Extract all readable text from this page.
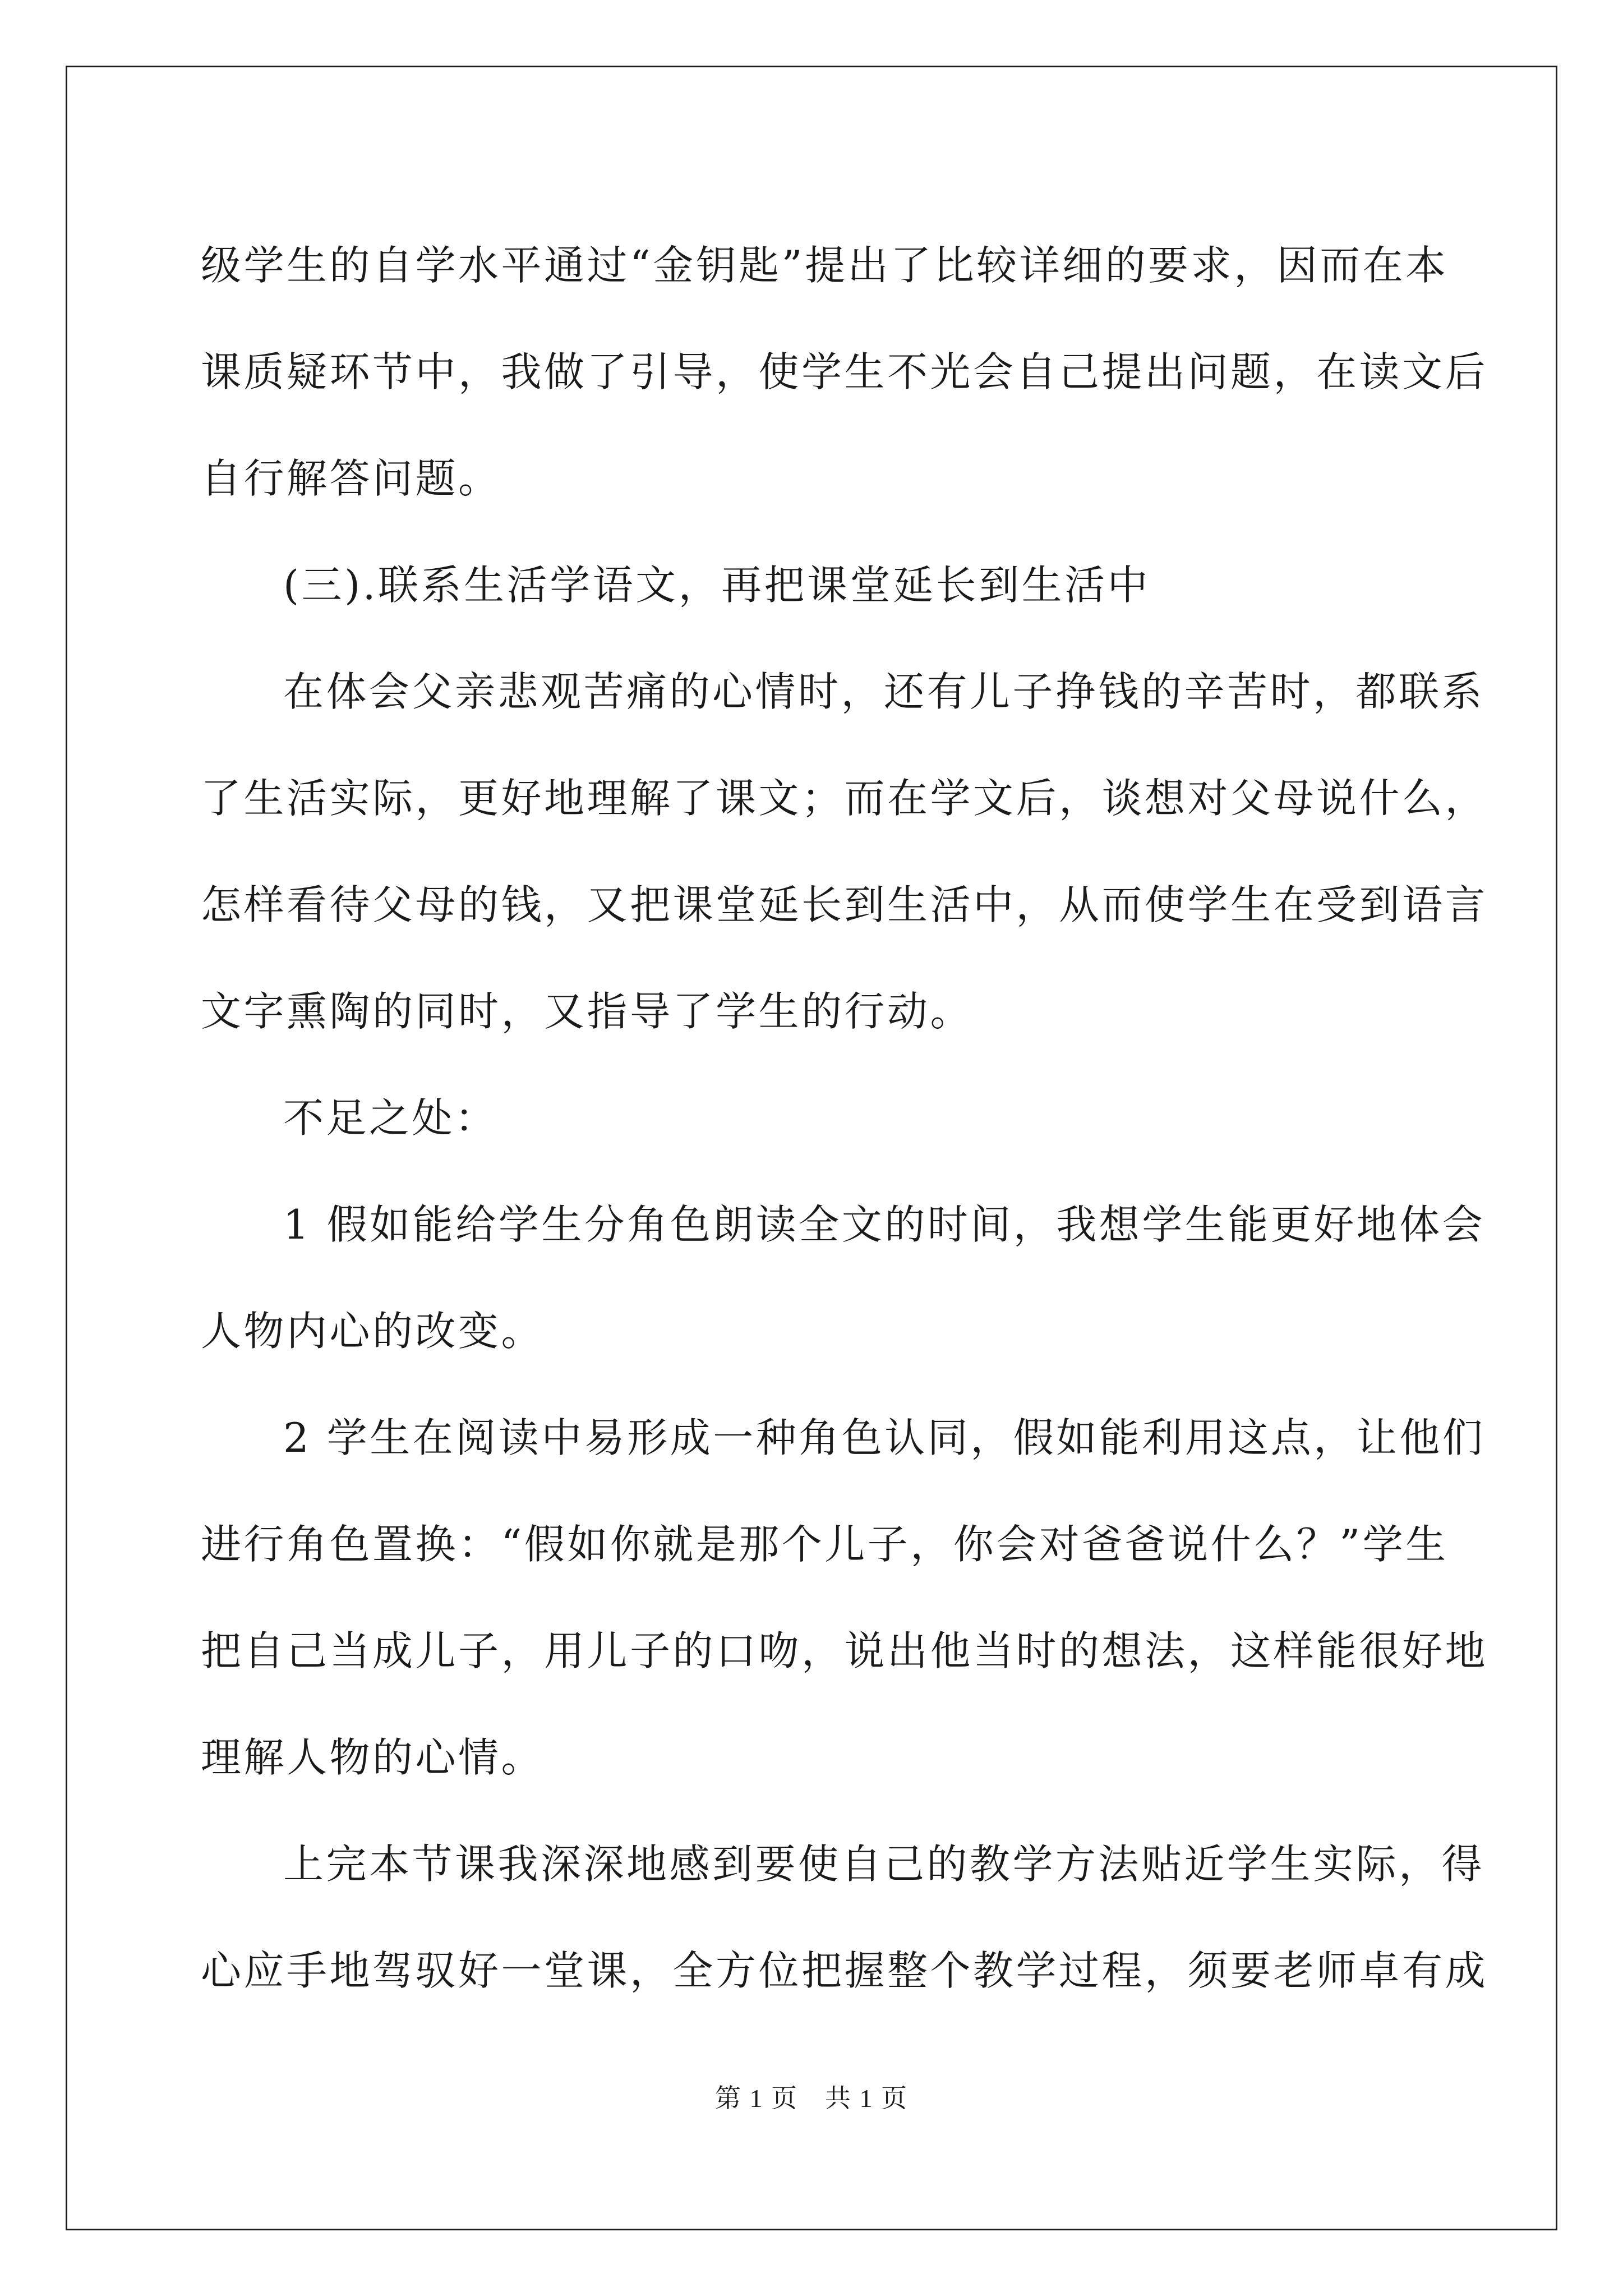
级学生的自学水平通过“金钥匙”提出了比较详细的要求，因而在本
课质疑环节中，我做了引导，使学生不光会自己提出问题，在读文后
自行解答问题。
(三).联系生活学语文，再把课堂延长到生活中
在体会父亲悲观苦痛的心情时，还有儿子挣钱的辛苦时，都联系
了生活实际，更好地理解了课文；而在学文后，谈想对父母说什么，
怎样看待父母的钱，又把课堂延长到生活中，从而使学生在受到语言
文字熏陶的同时，又指导了学生的行动。
不足之处：
1 假如能给学生分角色朗读全文的时间，我想学生能更好地体会
人物内心的改变。
2 学生在阅读中易形成一种角色认同，假如能利用这点，让他们
进行角色置换：“假如你就是那个儿子，你会对爸爸说什么？”学生
把自己当成儿子，用儿子的口吻，说出他当时的想法，这样能很好地
理解人物的心情。
上完本节课我深深地感到要使自己的教学方法贴近学生实际，得
心应手地驾驭好一堂课，全方位把握整个教学过程，须要老师卓有成

第 1 页 共 1 页
